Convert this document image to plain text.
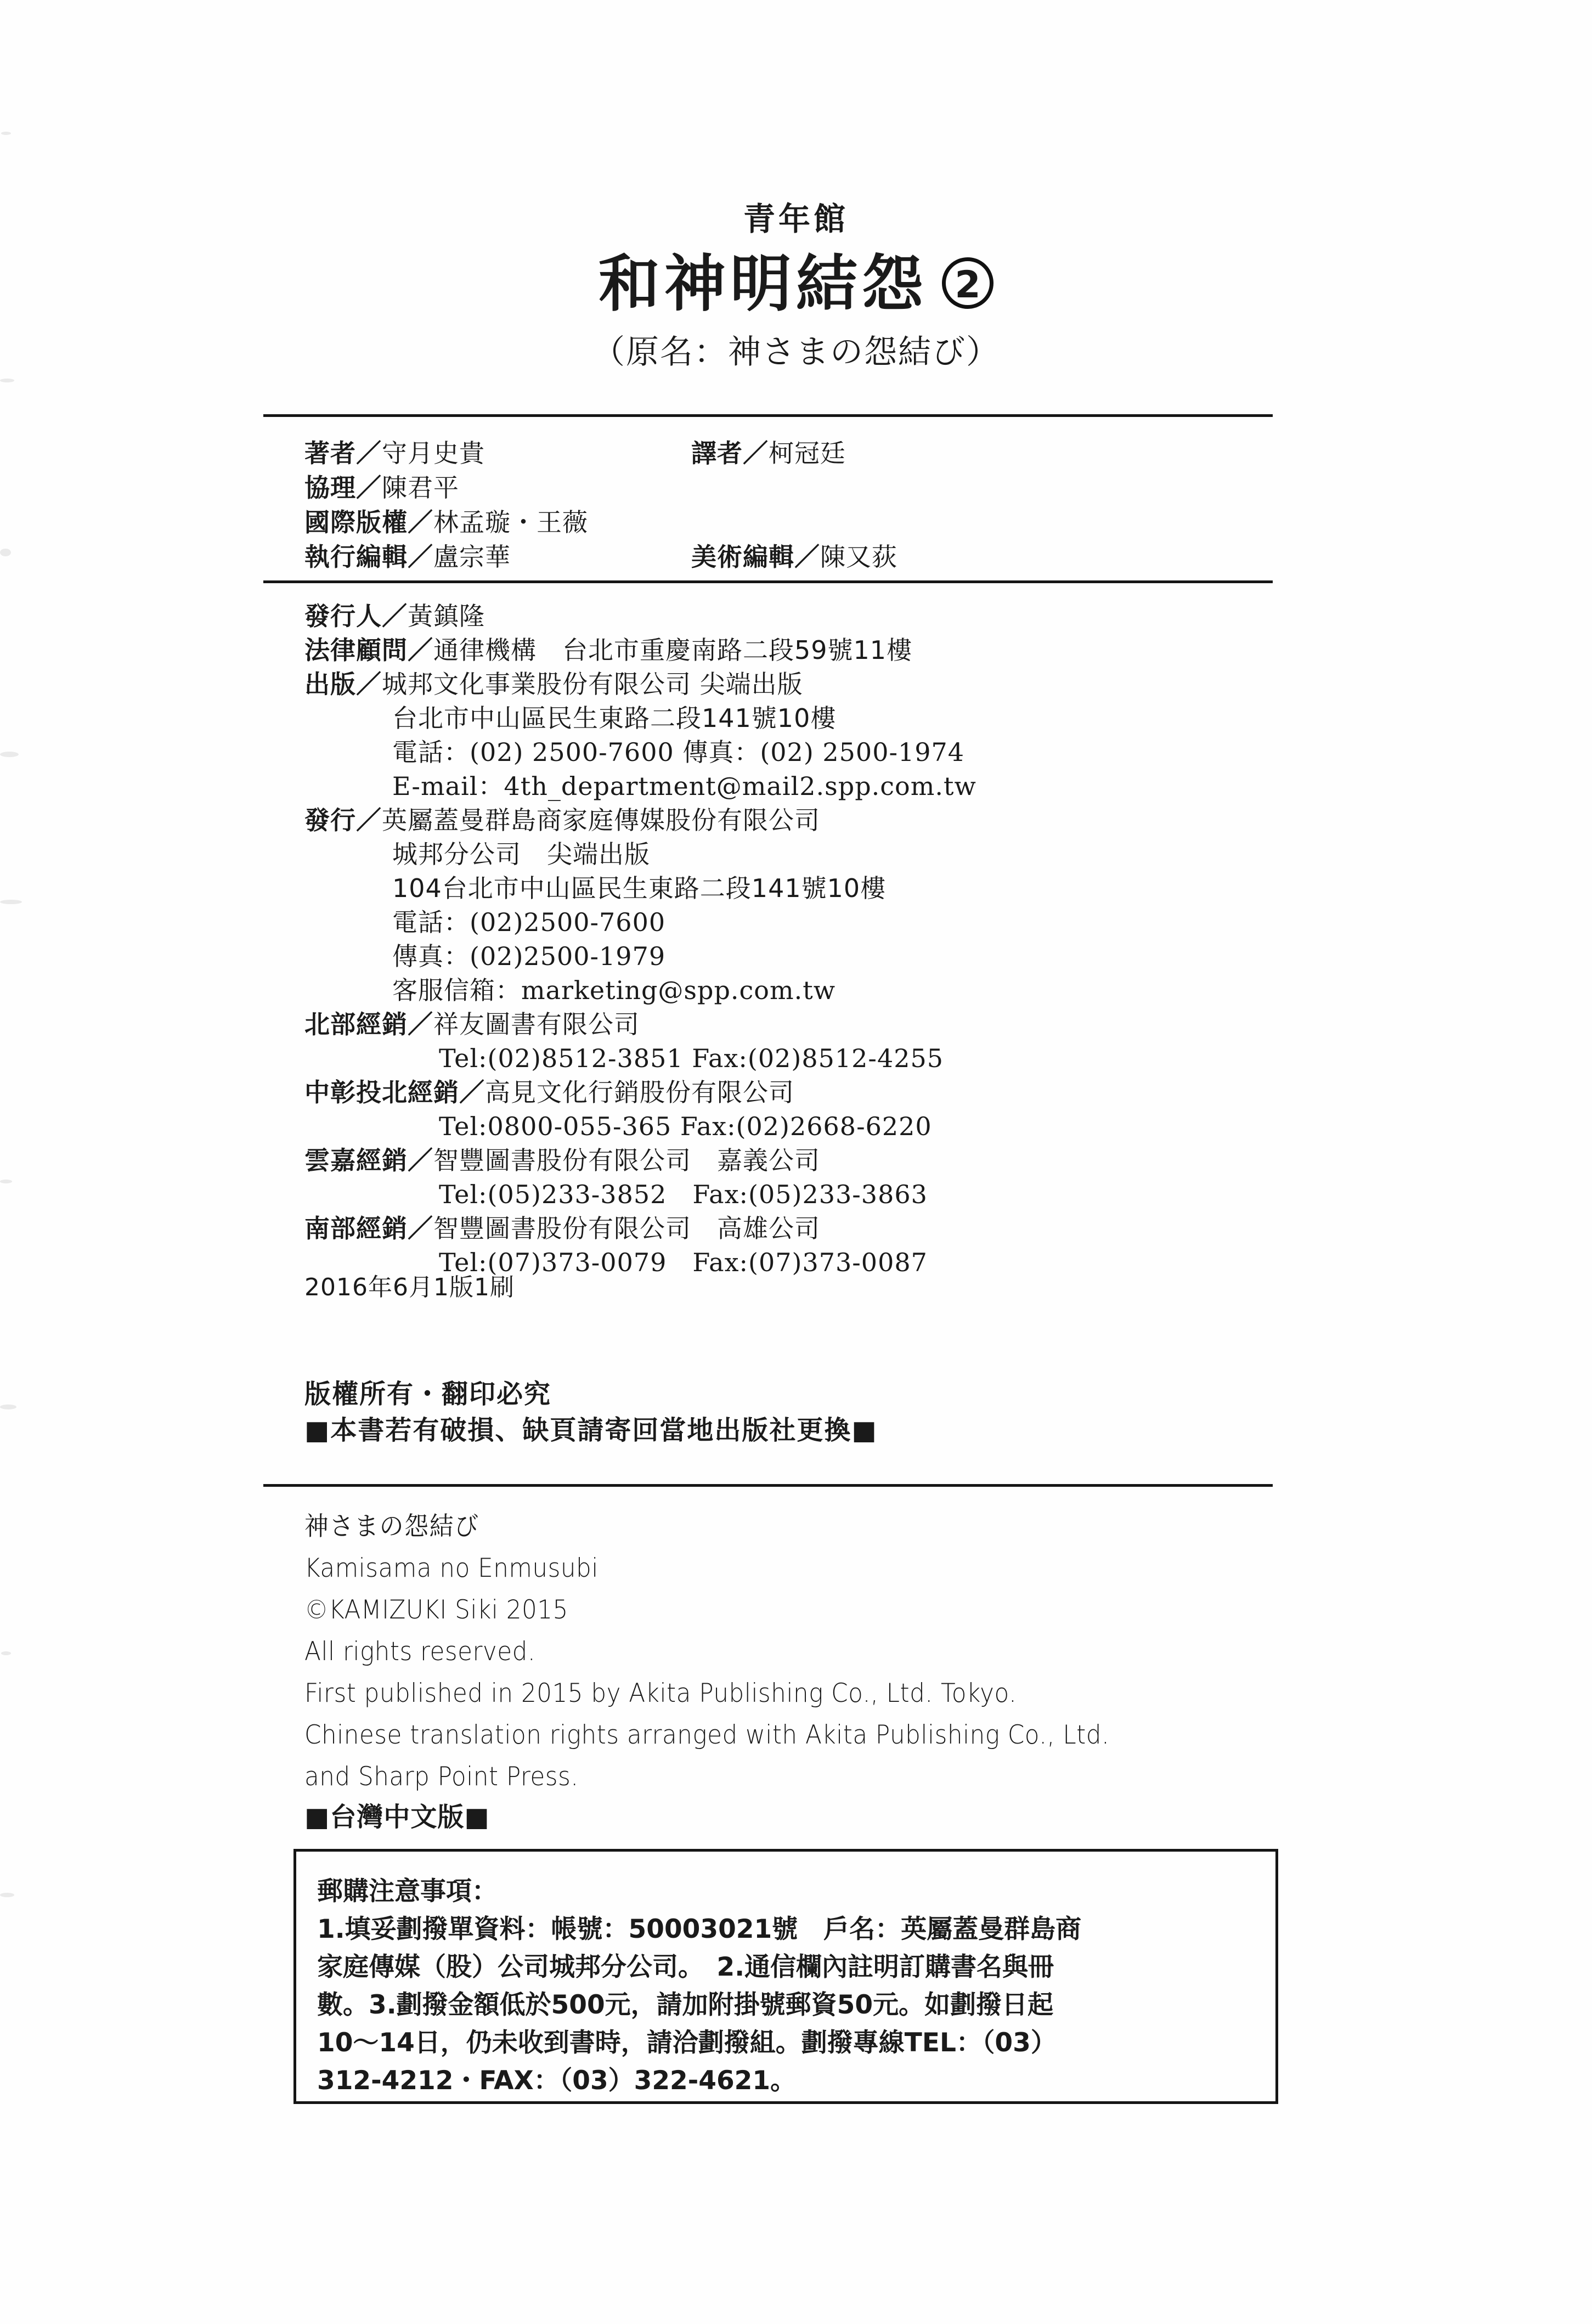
青年館
和神明結怨 2
（原名：神さまの怨結び）
著者／守月史貴	譯者／柯冠廷
協理／陳君平
國際版權／林孟璇・王薇
執行編輯／盧宗華	美術編輯／陳又荻
發行人／黃鎮隆
法律顧問／通律機構　台北市重慶南路二段59號11樓
出版／城邦文化事業股份有限公司 尖端出版
台北市中山區民生東路二段141號10樓
電話：(02) 2500-7600 傳真：(02) 2500-1974
E-mail：4th_department@mail2.spp.com.tw
發行／英屬蓋曼群島商家庭傳媒股份有限公司
城邦分公司　尖端出版
104台北市中山區民生東路二段141號10樓
電話：(02)2500-7600
傳真：(02)2500-1979
客服信箱：marketing@spp.com.tw
北部經銷／祥友圖書有限公司
Tel:(02)8512-3851 Fax:(02)8512-4255
中彰投北經銷／高見文化行銷股份有限公司
Tel:0800-055-365 Fax:(02)2668-6220
雲嘉經銷／智豐圖書股份有限公司　嘉義公司
Tel:(05)233-3852　Fax:(05)233-3863
南部經銷／智豐圖書股份有限公司　高雄公司
Tel:(07)373-0079　Fax:(07)373-0087
2016年6月1版1刷
版權所有・翻印必究
■本書若有破損、缺頁請寄回當地出版社更換■
神さまの怨結び
Kamisama no Enmusubi
©KAMIZUKI Siki 2015
All rights reserved.
First published in 2015 by Akita Publishing Co., Ltd. Tokyo.
Chinese translation rights arranged with Akita Publishing Co., Ltd.
and Sharp Point Press.
■台灣中文版■
郵購注意事項：
1.填妥劃撥單資料：帳號：50003021號　戶名：英屬蓋曼群島商
家庭傳媒（股）公司城邦分公司。　2.通信欄內註明訂購書名與冊
數。3.劃撥金額低於500元，請加附掛號郵資50元。如劃撥日起
10～14日，仍未收到書時，請洽劃撥組。劃撥專線TEL：（03）
312-4212・FAX：（03）322-4621。
